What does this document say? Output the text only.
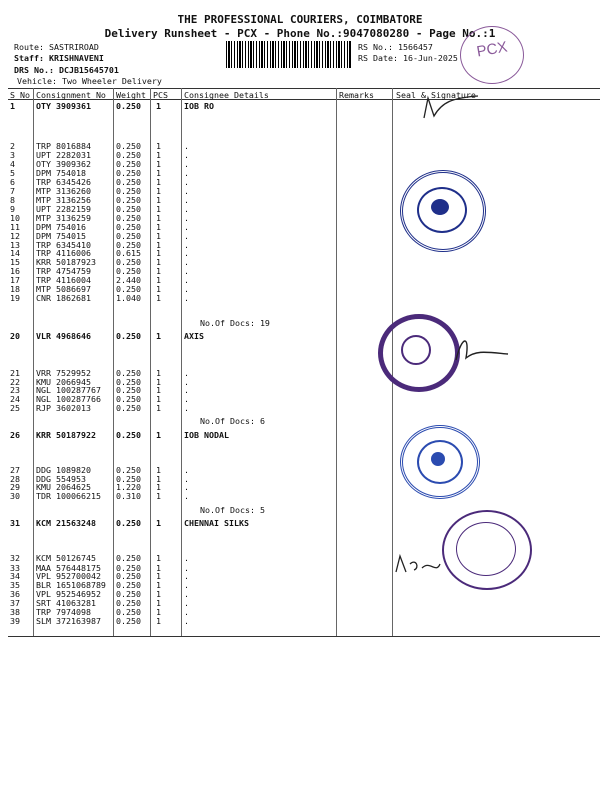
THE PROFESSIONAL COURIERS, COIMBATORE
Delivery Runsheet - PCX - Phone No.:9047080280 - Page No.:1
Route: SASTRIROAD
Staff: KRISHNAVENI
DRS No.: DCJB15645701
Vehicle: Two Wheeler Delivery
RS No.: 1566457
RS Date: 16-Jun-2025	PCX
S No Consignment No Weight PCS Consignee Details	Remarks	Seal & Signature
1	OTY 3909361	0.250 1	IOB RO
2	TRP 8016884	0.250 1	.
3	UPT 2282031	0.250 1	.
4	OTY 3909362	0.250 1	.
5	DPM 754018	0.250 1	.
6	TRP 6345426	0.250 1	.
7	MTP 3136260	0.250 1	.
8	MTP 3136256	0.250 1	.
9	UPT 2282159	0.250 1	.
10 MTP 3136259	0.250 1	.
11 DPM 754016	0.250 1	.
12 DPM 754015	0.250 1	.
13 TRP 6345410	0.250 1	.
14 TRP 4116006	0.615 1	.
15 KRR 50187923 0.250 1	.
16 TRP 4754759	0.250 1	.
17 TRP 4116004	2.440 1	.
18 MTP 5086697	0.250 1	.
19 CNR 1862681	1.040 1	.
20 VLR 4968646	0.250 1	AXIS
21 VRR 7529952	0.250 1	.
22 KMU 2066945	0.250 1	.
23 NGL 100287767 0.250 1	.
24 NGL 100287766 0.250 1	.
25 RJP 3602013	0.250 1	.
26 KRR 50187922 0.250 1	IOB NODAL
27 DDG 1089820	0.250 1	.
28 DDG 554953	0.250 1	.
29 KMU 2064625	1.220 1	.
30 TDR 100066215 0.310 1	.
31 KCM 21563248 0.250 1	CHENNAI SILKS
32 KCM 50126745 0.250 1	.
33 MAA 576448175 0.250 1	.
34 VPL 952700042 0.250 1	.
35 BLR 1651068789 0.250 1	.
36 VPL 952546952 0.250 1	.
37 SRT 41063281 0.250 1	.
38 TRP 7974098	0.250 1	.
39 SLM 372163987 0.250 1	.
No.Of Docs: 19
No.Of Docs: 6
No.Of Docs: 5
